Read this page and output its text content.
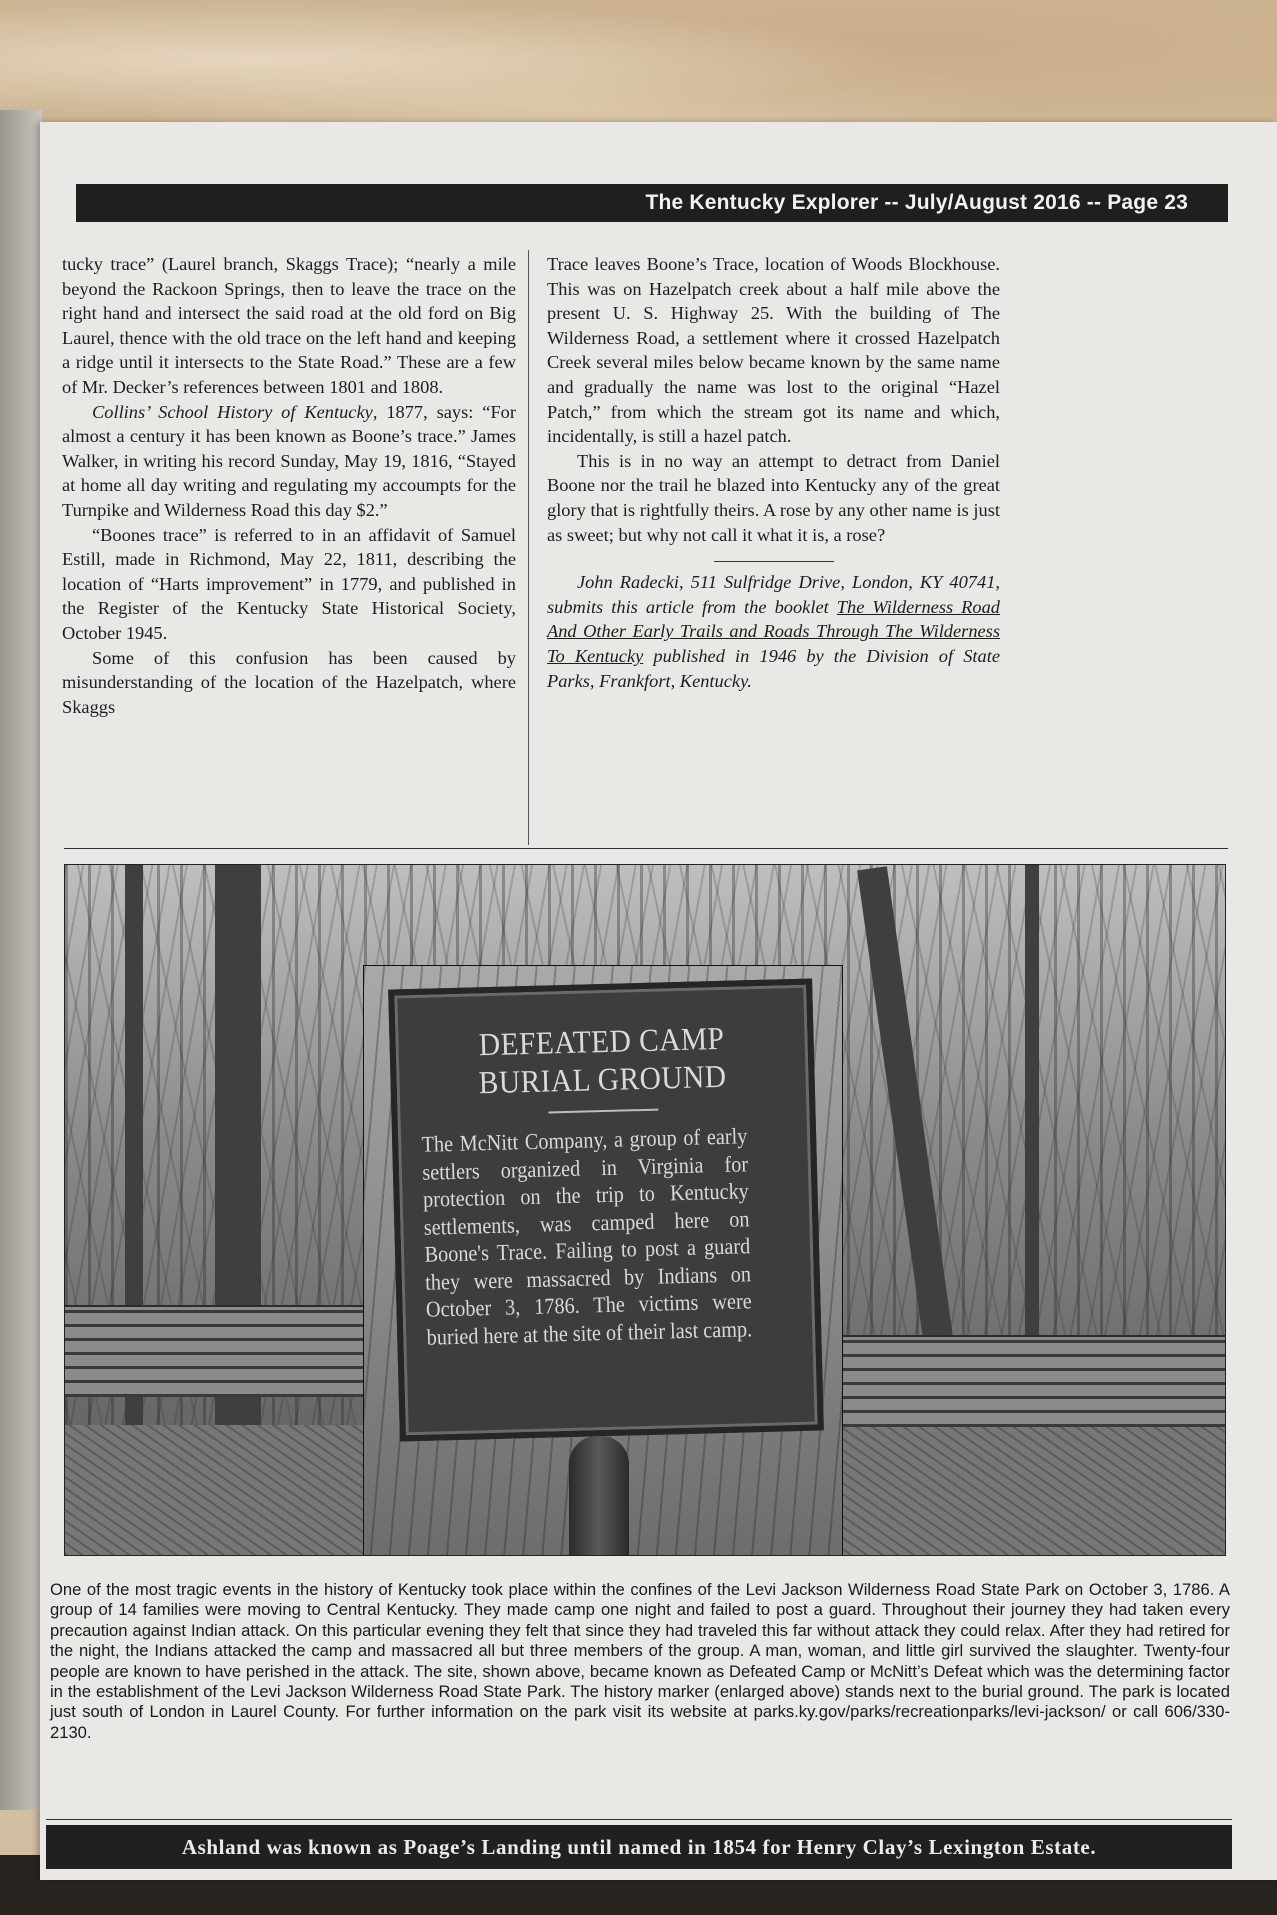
The Kentucky Explorer -- July/August 2016 -- Page 23

tucky trace” (Laurel branch, Skaggs Trace); “nearly a mile beyond the Rackoon Springs, then to leave the trace on the right hand and intersect the said road at the old ford on Big Laurel, thence with the old trace on the left hand and keeping a ridge until it intersects to the State Road.” These are a few of Mr. Decker’s references between 1801 and 1808.

Collins’ School History of Kentucky, 1877, says: “For almost a century it has been known as Boone’s trace.” James Walker, in writing his record Sunday, May 19, 1816, “Stayed at home all day writing and regulating my accoumpts for the Turnpike and Wilderness Road this day $2.”

“Boones trace” is referred to in an affidavit of Samuel Estill, made in Richmond, May 22, 1811, describing the location of “Harts improvement” in 1779, and published in the Register of the Kentucky State Historical Society, October 1945.

Some of this confusion has been caused by misunderstanding of the location of the Hazelpatch, where Skaggs

Trace leaves Boone’s Trace, location of Woods Blockhouse. This was on Hazelpatch creek about a half mile above the present U. S. Highway 25. With the building of The Wilderness Road, a settlement where it crossed Hazelpatch Creek several miles below became known by the same name and gradually the name was lost to the original “Hazel Patch,” from which the stream got its name and which, incidentally, is still a hazel patch.

This is in no way an attempt to detract from Daniel Boone nor the trail he blazed into Kentucky any of the great glory that is rightfully theirs. A rose by any other name is just as sweet; but why not call it what it is, a rose?

John Radecki, 511 Sulfridge Drive, London, KY 40741, submits this article from the booklet The Wilderness Road And Other Early Trails and Roads Through The Wilderness To Kentucky published in 1946 by the Division of State Parks, Frankfort, Kentucky.

DEFEATED CAMP
BURIAL GROUND
The McNitt Company, a group of early settlers organized in Virginia for protection on the trip to Kentucky settlements, was camped here on Boone's Trace. Failing to post a guard they were massacred by Indians on October 3, 1786. The victims were buried here at the site of their last camp.

One of the most tragic events in the history of Kentucky took place within the confines of the Levi Jackson Wilderness Road State Park on October 3, 1786. A group of 14 families were moving to Central Kentucky. They made camp one night and failed to post a guard. Throughout their journey they had taken every precaution against Indian attack. On this particular evening they felt that since they had traveled this far without attack they could relax. After they had retired for the night, the Indians attacked the camp and massacred all but three members of the group. A man, woman, and little girl survived the slaughter. Twenty-four people are known to have perished in the attack. The site, shown above, became known as Defeated Camp or McNitt’s Defeat which was the determining factor in the establishment of the Levi Jackson Wilderness Road State Park. The history marker (enlarged above) stands next to the burial ground. The park is located just south of London in Laurel County. For further information on the park visit its website at parks.ky.gov/parks/recreationparks/levi-jackson/ or call 606/330-2130.

Ashland was known as Poage’s Landing until named in 1854 for Henry Clay’s Lexington Estate.
